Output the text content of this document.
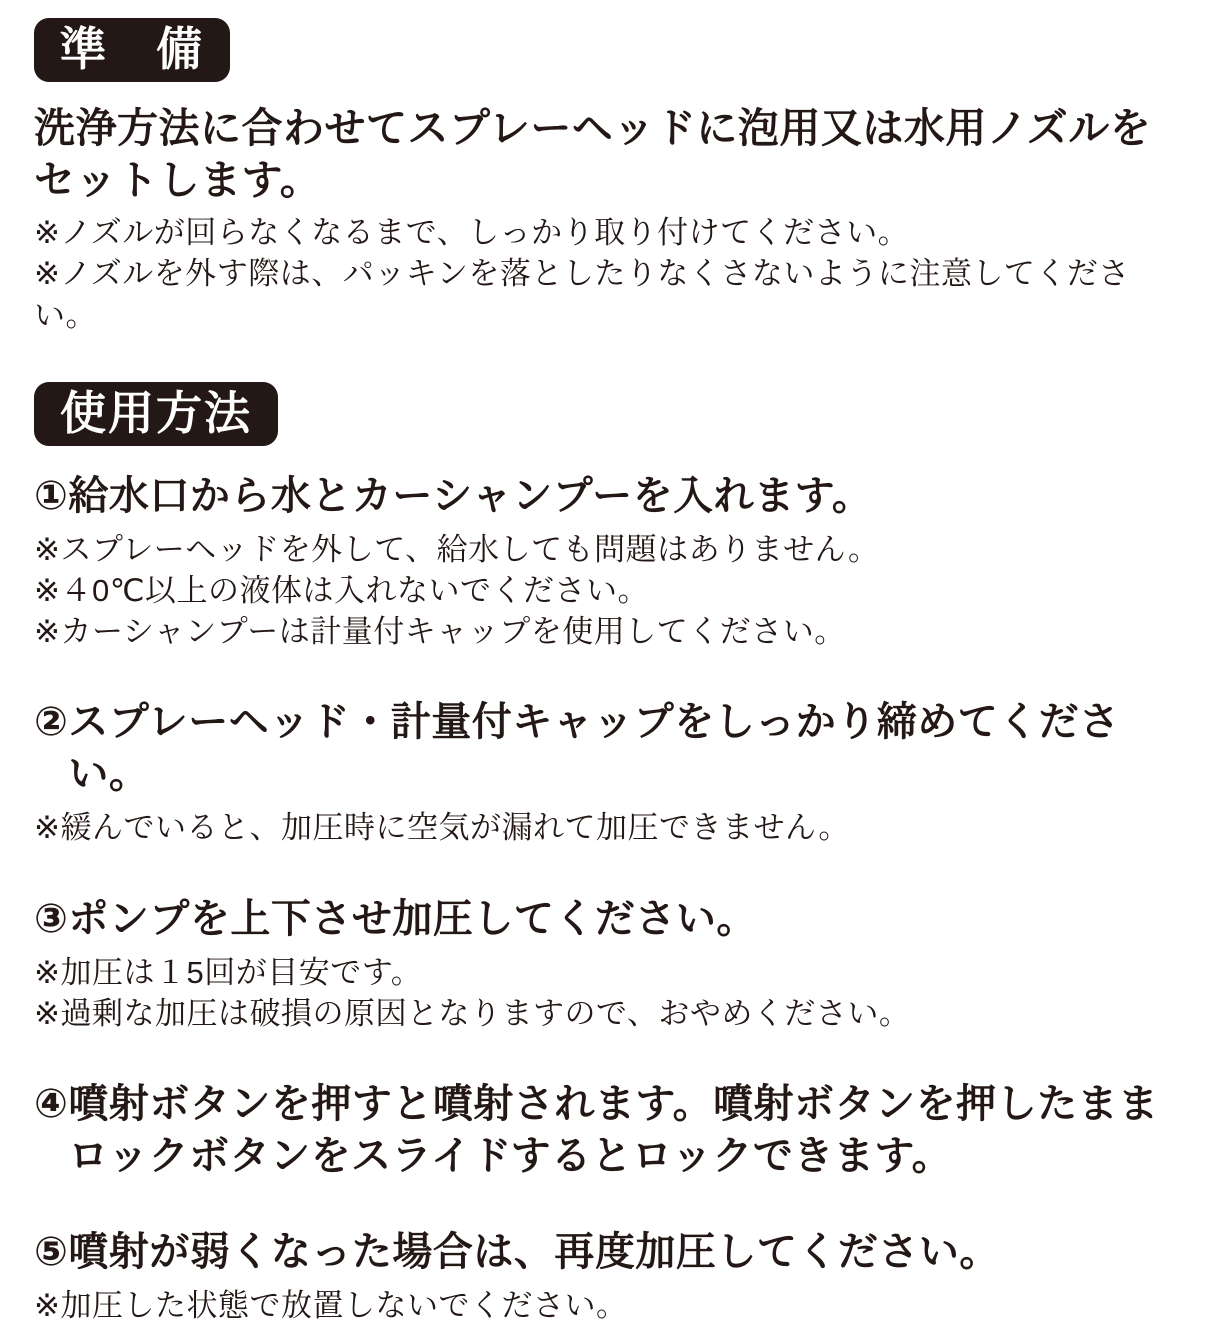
準　備
洗浄方法に合わせてスプレーヘッドに泡用又は水用ノズルを
セットします。
※ノズルが回らなくなるまで、しっかり取り付けてください。
※ノズルを外す際は、パッキンを落としたりなくさないように注意してください。
使用方法
① 給水口から水とカーシャンプーを入れます。
※スプレーヘッドを外して、給水しても問題はありません。
※４0℃以上の液体は入れないでください。
※カーシャンプーは計量付キャップを使用してください。
② スプレーヘッド・計量付キャップをしっかり締めてください。
※緩んでいると、加圧時に空気が漏れて加圧できません。
③ ポンプを上下させ加圧してください。
※加圧は１5回が目安です。
※過剰な加圧は破損の原因となりますので、おやめください。
④ 噴射ボタンを押すと噴射されます。噴射ボタンを押したまま
ロックボタンをスライドするとロックできます。
⑤ 噴射が弱くなった場合は、再度加圧してください。
※加圧した状態で放置しないでください。
